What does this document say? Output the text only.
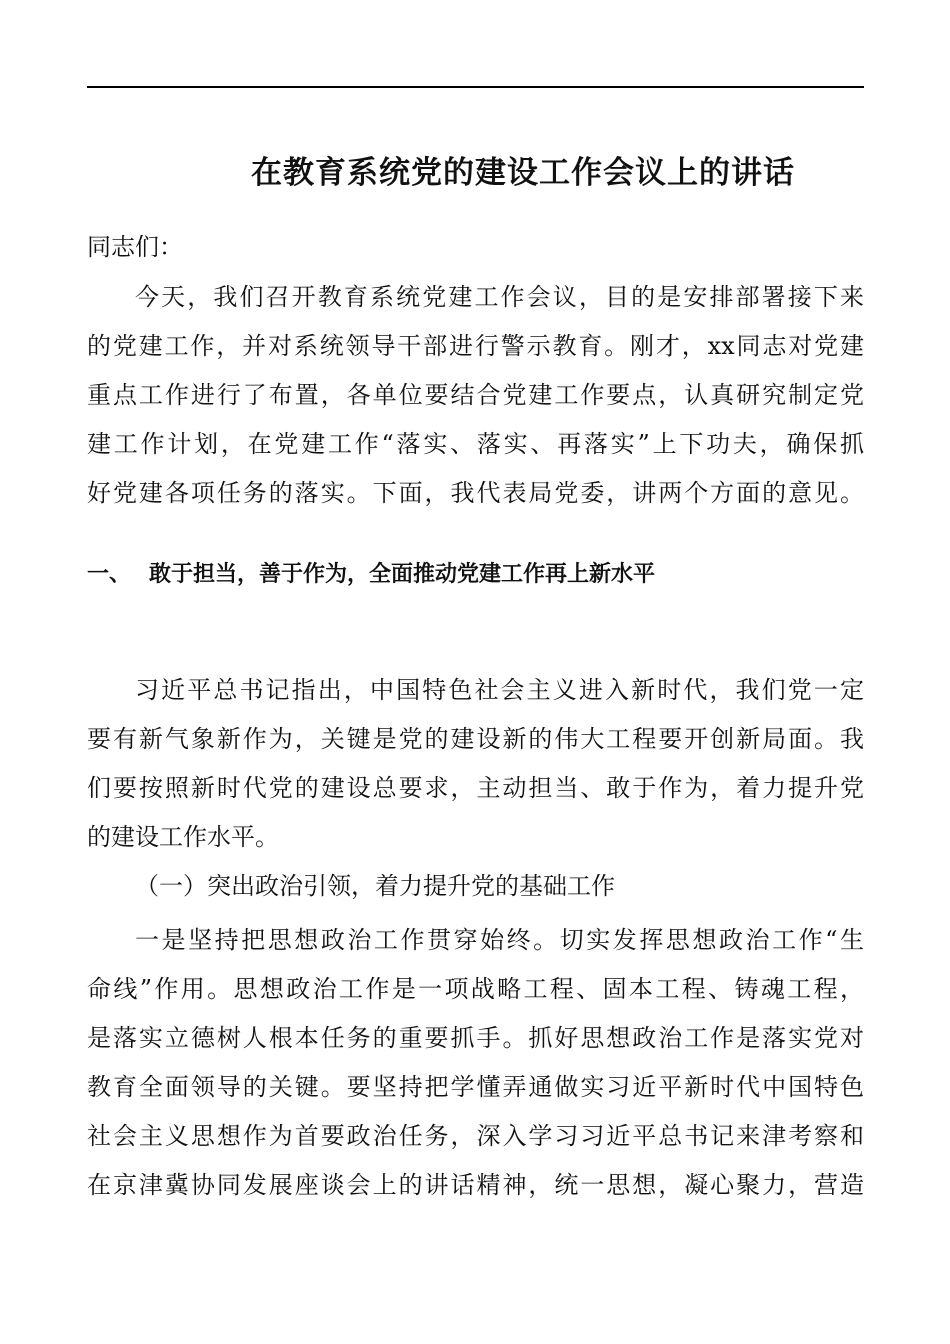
在教育系统党的建设工作会议上的讲话
同志们：
今天，我们召开教育系统党建工作会议，目的是安排部署接下来
的党建工作，并对系统领导干部进行警示教育。刚才，xx同志对党建
重点工作进行了布置，各单位要结合党建工作要点，认真研究制定党
建工作计划，在党建工作“落实、落实、再落实”上下功夫，确保抓
好党建各项任务的落实。下面，我代表局党委，讲两个方面的意见。
一、 敢于担当，善于作为，全面推动党建工作再上新水平
习近平总书记指出，中国特色社会主义进入新时代，我们党一定
要有新气象新作为，关键是党的建设新的伟大工程要开创新局面。我
们要按照新时代党的建设总要求，主动担当、敢于作为，着力提升党
的建设工作水平。
（一）突出政治引领，着力提升党的基础工作
一是坚持把思想政治工作贯穿始终。切实发挥思想政治工作“生
命线”作用。思想政治工作是一项战略工程、固本工程、铸魂工程，
是落实立德树人根本任务的重要抓手。抓好思想政治工作是落实党对
教育全面领导的关键。要坚持把学懂弄通做实习近平新时代中国特色
社会主义思想作为首要政治任务，深入学习习近平总书记来津考察和
在京津冀协同发展座谈会上的讲话精神，统一思想，凝心聚力，营造
